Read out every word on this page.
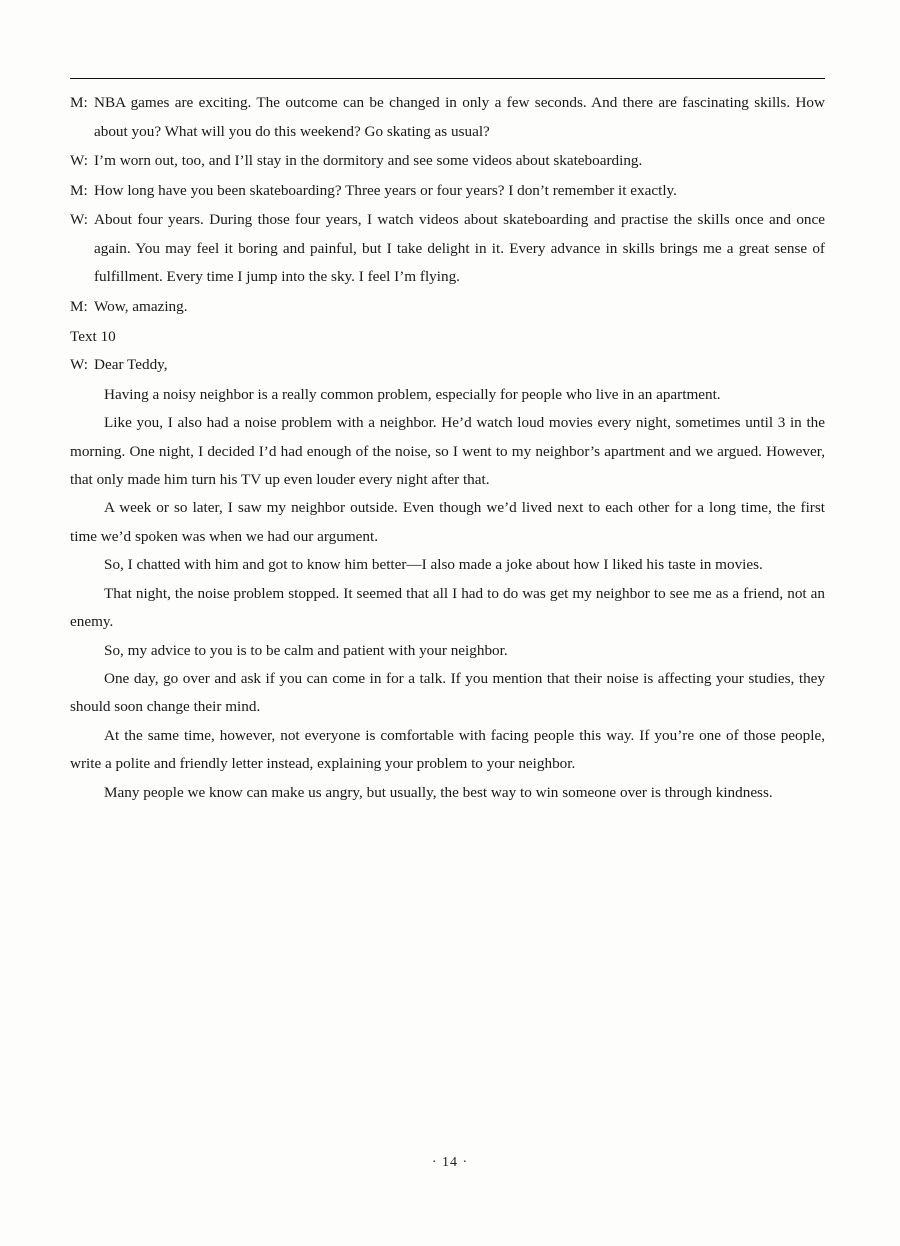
M: NBA games are exciting. The outcome can be changed in only a few seconds. And there are fascinating skills. How about you? What will you do this weekend? Go skating as usual?
W: I’m worn out, too, and I’ll stay in the dormitory and see some videos about skateboarding.
M: How long have you been skateboarding? Three years or four years? I don’t remember it exactly.
W: About four years. During those four years, I watch videos about skateboarding and practise the skills once and once again. You may feel it boring and painful, but I take delight in it. Every advance in skills brings me a great sense of fulfillment. Every time I jump into the sky. I feel I’m flying.
M: Wow, amazing.

Text 10

W: Dear Teddy,

Having a noisy neighbor is a really common problem, especially for people who live in an apartment.

Like you, I also had a noise problem with a neighbor. He’d watch loud movies every night, sometimes until 3 in the morning. One night, I decided I’d had enough of the noise, so I went to my neighbor’s apartment and we argued. However, that only made him turn his TV up even louder every night after that.

A week or so later, I saw my neighbor outside. Even though we’d lived next to each other for a long time, the first time we’d spoken was when we had our argument.

So, I chatted with him and got to know him better—I also made a joke about how I liked his taste in movies.

That night, the noise problem stopped. It seemed that all I had to do was get my neighbor to see me as a friend, not an enemy.

So, my advice to you is to be calm and patient with your neighbor.

One day, go over and ask if you can come in for a talk. If you mention that their noise is affecting your studies, they should soon change their mind.

At the same time, however, not everyone is comfortable with facing people this way. If you’re one of those people, write a polite and friendly letter instead, explaining your problem to your neighbor.

Many people we know can make us angry, but usually, the best way to win someone over is through kindness.

· 14 ·
